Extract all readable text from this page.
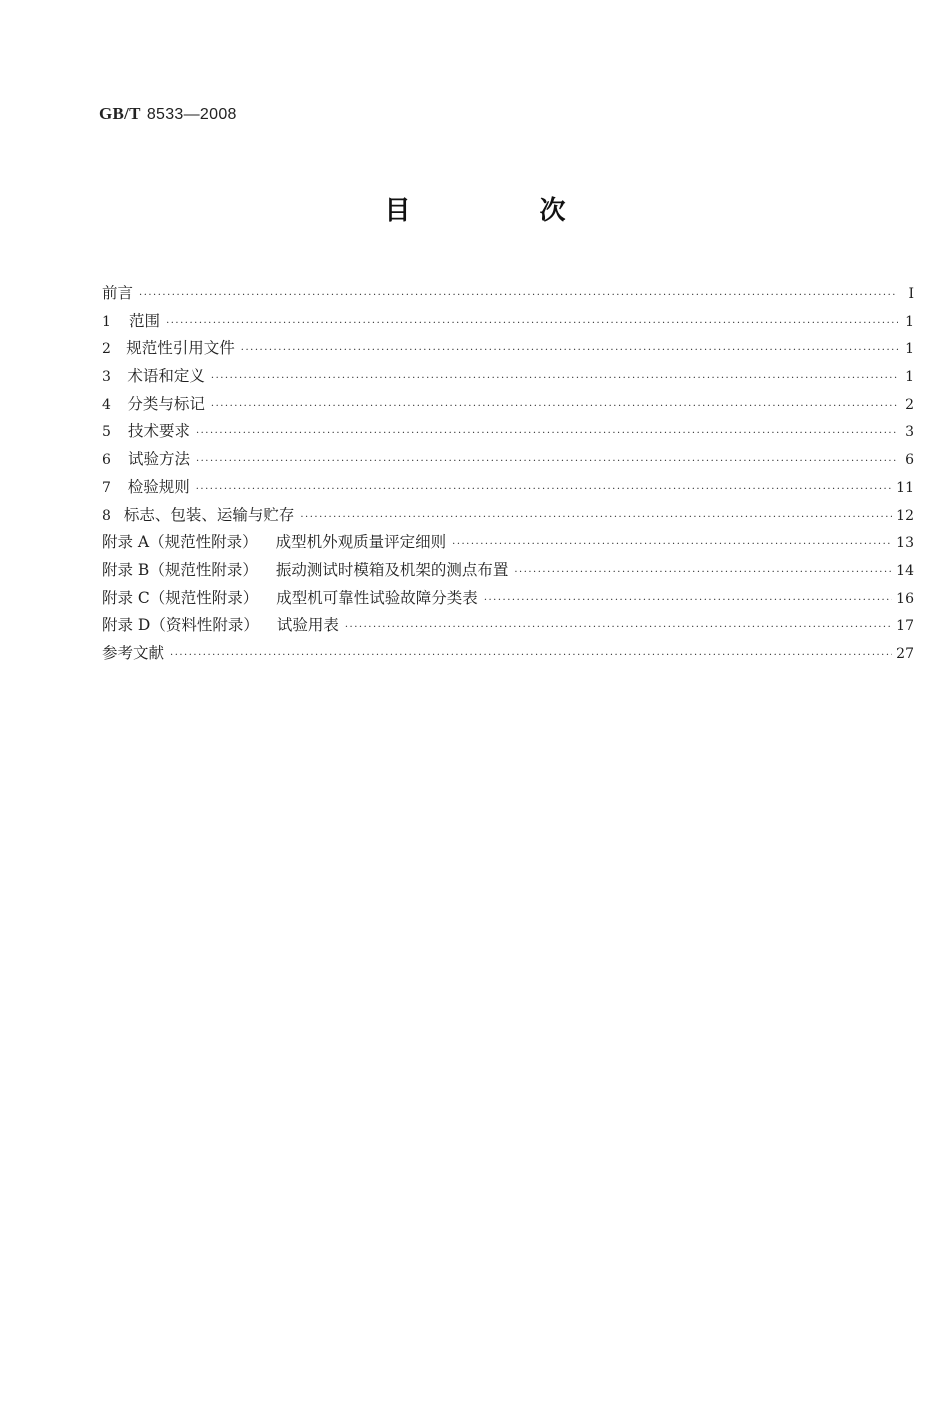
GB/T 8533—2008
目 次
前言 ·····	I
1	范围 ·····	1
2 规范性引用文件 ·····	1
3	术语和定义 ·····	1
4	分类与标记 ·····	2
5	技术要求 ·····	3
6	试验方法 ·····	6
7	检验规则 ·····	11
8 标志、包装、运输与贮存 ·····	12
附录 A（规范性附录） 成型机外观质量评定细则 ·····	13
附录 B（规范性附录） 振动测试时模箱及机架的测点布置 ·····	14
附录 C（规范性附录） 成型机可靠性试验故障分类表 ·····	16
附录 D（资料性附录） 试验用表 ·····	17
参考文献 ·····	27
